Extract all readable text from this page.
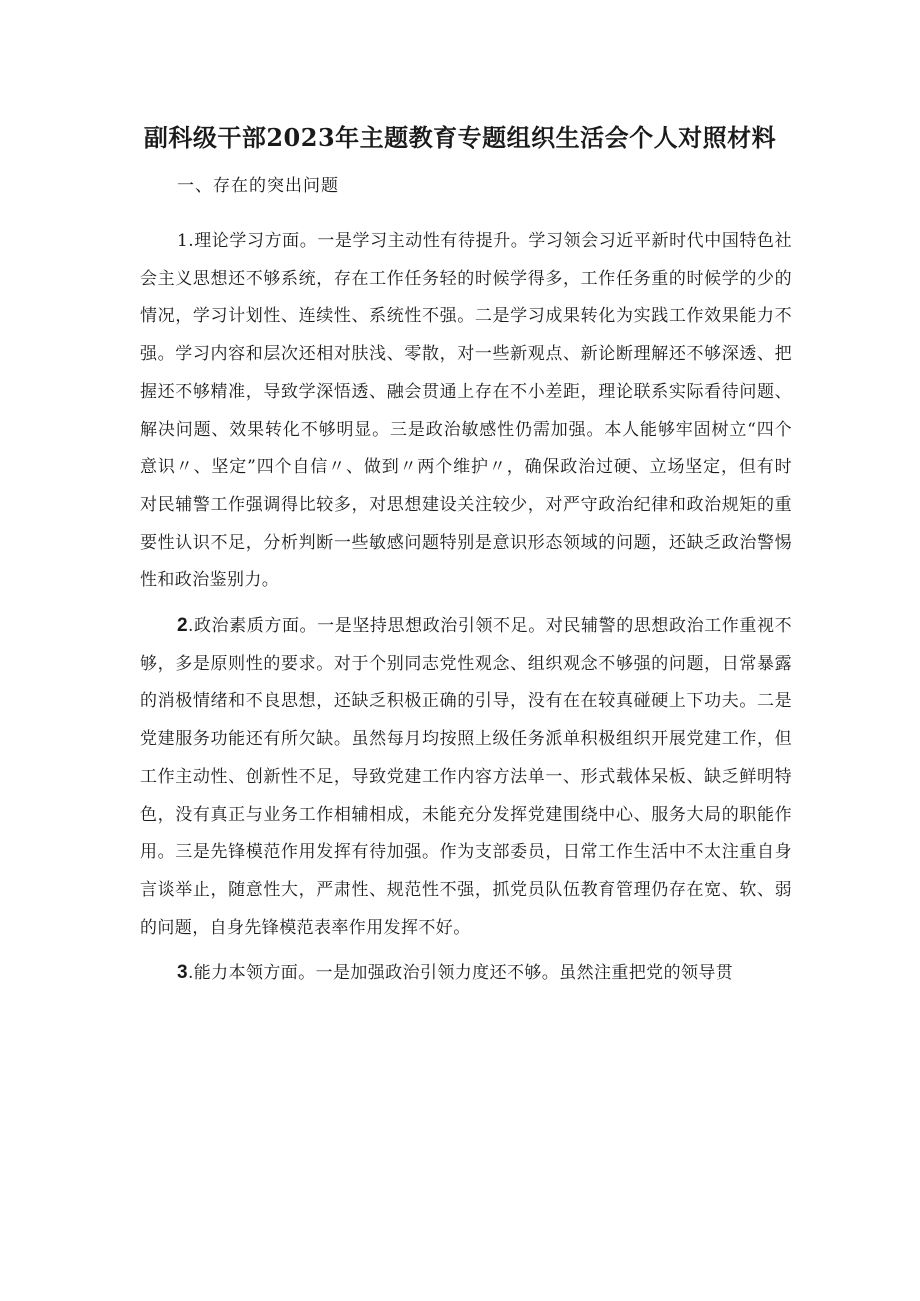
副科级干部2023年主题教育专题组织生活会个人对照材料

一、存在的突出问题

1.理论学习方面。一是学习主动性有待提升。学习领会习近平新时代中国特色社会主义思想还不够系统，存在工作任务轻的时候学得多，工作任务重的时候学的少的情况，学习计划性、连续性、系统性不强。二是学习成果转化为实践工作效果能力不强。学习内容和层次还相对肤浅、零散，对一些新观点、新论断理解还不够深透、把握还不够精准，导致学深悟透、融会贯通上存在不小差距，理论联系实际看待问题、解决问题、效果转化不够明显。三是政治敏感性仍需加强。本人能够牢固树立“四个意识〃、坚定”四个自信〃、做到〃两个维护〃，确保政治过硬、立场坚定，但有时对民辅警工作强调得比较多，对思想建设关注较少，对严守政治纪律和政治规矩的重要性认识不足，分析判断一些敏感问题特别是意识形态领域的问题，还缺乏政治警惕性和政治鉴别力。

2.政治素质方面。一是坚持思想政治引领不足。对民辅警的思想政治工作重视不够，多是原则性的要求。对于个别同志党性观念、组织观念不够强的问题，日常暴露的消极情绪和不良思想，还缺乏积极正确的引导，没有在在较真碰硬上下功夫。二是党建服务功能还有所欠缺。虽然每月均按照上级任务派单积极组织开展党建工作，但工作主动性、创新性不足，导致党建工作内容方法单一、形式载体呆板、缺乏鲜明特色，没有真正与业务工作相辅相成，未能充分发挥党建围绕中心、服务大局的职能作用。三是先锋模范作用发挥有待加强。作为支部委员，日常工作生活中不太注重自身言谈举止，随意性大，严肃性、规范性不强，抓党员队伍教育管理仍存在宽、软、弱的问题，自身先锋模范表率作用发挥不好。

3.能力本领方面。一是加强政治引领力度还不够。虽然注重把党的领导贯
